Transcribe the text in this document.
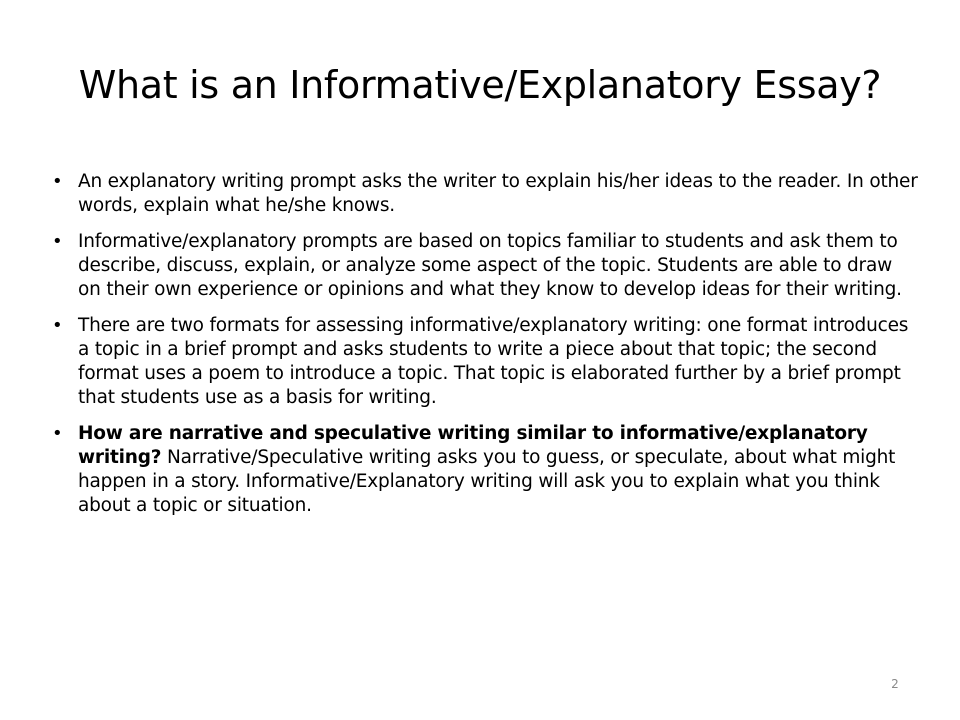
What is an Informative/Explanatory Essay?
• An explanatory writing prompt asks the writer to explain his/her ideas to the reader. In other words, explain what he/she knows.
• Informative/explanatory prompts are based on topics familiar to students and ask them to describe, discuss, explain, or analyze some aspect of the topic. Students are able to draw on their own experience or opinions and what they know to develop ideas for their writing.
• There are two formats for assessing informative/explanatory writing: one format introduces a topic in a brief prompt and asks students to write a piece about that topic; the second format uses a poem to introduce a topic. That topic is elaborated further by a brief prompt that students use as a basis for writing.
• How are narrative and speculative writing similar to informative/explanatory writing? Narrative/Speculative writing asks you to guess, or speculate, about what might happen in a story. Informative/Explanatory writing will ask you to explain what you think about a topic or situation.
2
